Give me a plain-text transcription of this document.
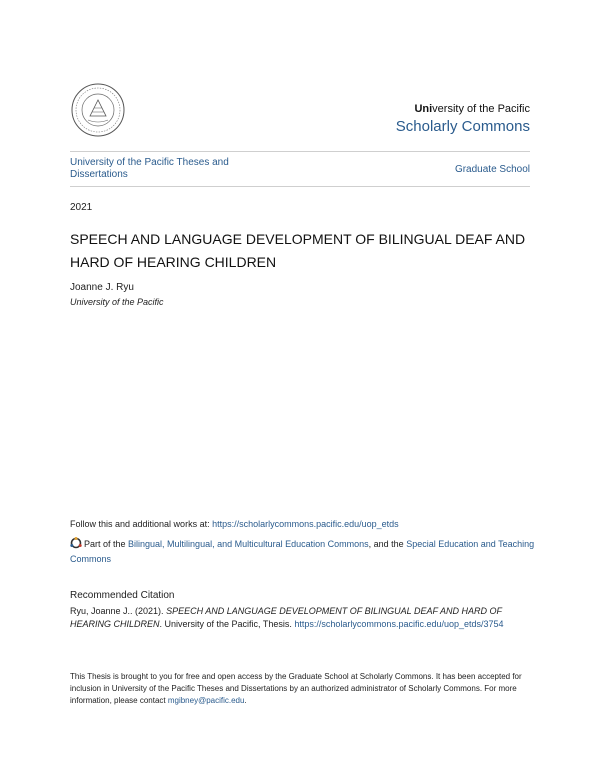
University of the Pacific
Scholarly Commons
University of the Pacific Theses and Dissertations	Graduate School
2021
SPEECH AND LANGUAGE DEVELOPMENT OF BILINGUAL DEAF AND HARD OF HEARING CHILDREN
Joanne J. Ryu
University of the Pacific
Follow this and additional works at: https://scholarlycommons.pacific.edu/uop_etds
Part of the Bilingual, Multilingual, and Multicultural Education Commons, and the Special Education and Teaching Commons
Recommended Citation
Ryu, Joanne J.. (2021). SPEECH AND LANGUAGE DEVELOPMENT OF BILINGUAL DEAF AND HARD OF HEARING CHILDREN. University of the Pacific, Thesis. https://scholarlycommons.pacific.edu/uop_etds/3754
This Thesis is brought to you for free and open access by the Graduate School at Scholarly Commons. It has been accepted for inclusion in University of the Pacific Theses and Dissertations by an authorized administrator of Scholarly Commons. For more information, please contact mgibney@pacific.edu.
